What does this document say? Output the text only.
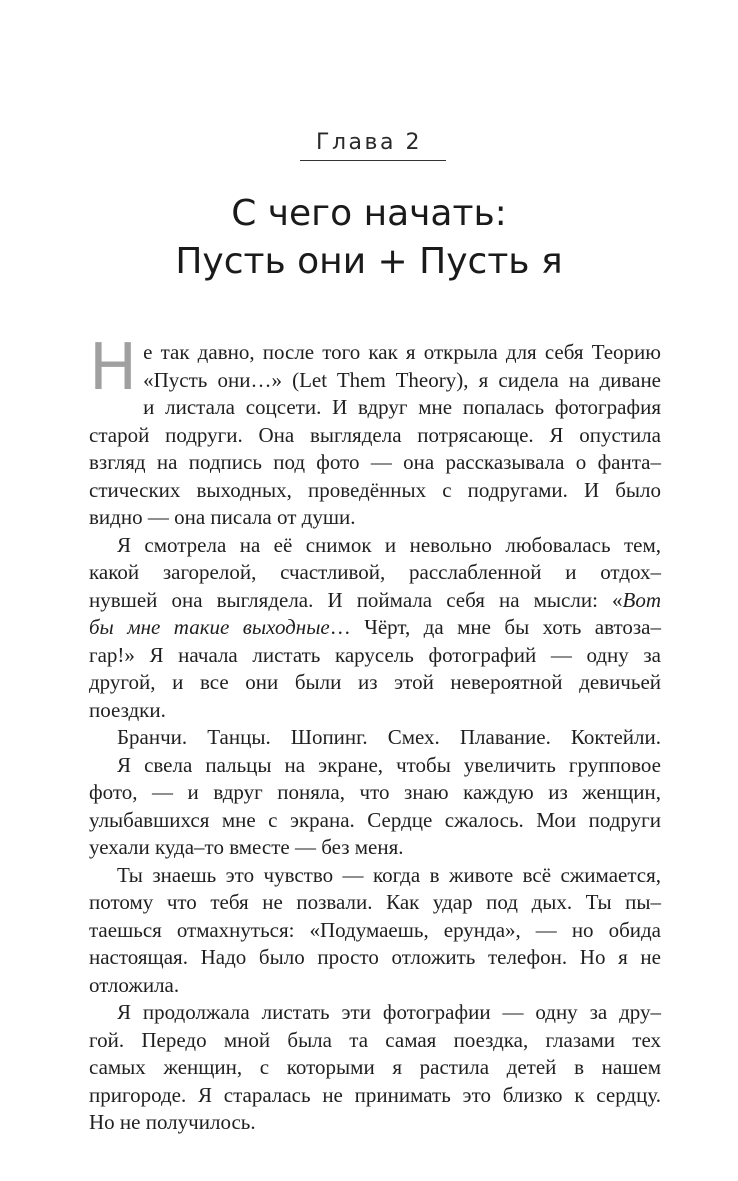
Глава 2
С чего начать:
Пусть они + Пусть я
Н е так давно, после того как я открыла для себя Теорию
«Пусть они…» (Let Them Theory), я сидела на диване
и листала соцсети. И вдруг мне попалась фотография
старой подруги. Она выглядела потрясающе. Я опустила
взгляд на подпись под фото — она рассказывала о фанта–
стических выходных, проведённых с подругами. И было
видно — она писала от души.
Я смотрела на её снимок и невольно любовалась тем,
какой загорелой, счастливой, расслабленной и отдох–
нувшей она выглядела. И поймала себя на мысли: «Вот
бы мне такие выходные… Чёрт, да мне бы хоть автоза–
гар!» Я начала листать карусель фотографий — одну за
другой, и все они были из этой невероятной девичьей
поездки.
Бранчи. Танцы. Шопинг. Смех. Плавание. Коктейли.
Я свела пальцы на экране, чтобы увеличить групповое
фото, — и вдруг поняла, что знаю каждую из женщин,
улыбавшихся мне с экрана. Сердце сжалось. Мои подруги
уехали куда–то вместе — без меня.
Ты знаешь это чувство — когда в животе всё сжимается,
потому что тебя не позвали. Как удар под дых. Ты пы–
таешься отмахнуться: «Подумаешь, ерунда», — но обида
настоящая. Надо было просто отложить телефон. Но я не
отложила.
Я продолжала листать эти фотографии — одну за дру–
гой. Передо мной была та самая поездка, глазами тех
самых женщин, с которыми я растила детей в нашем
пригороде. Я старалась не принимать это близко к сердцу.
Но не получилось.
